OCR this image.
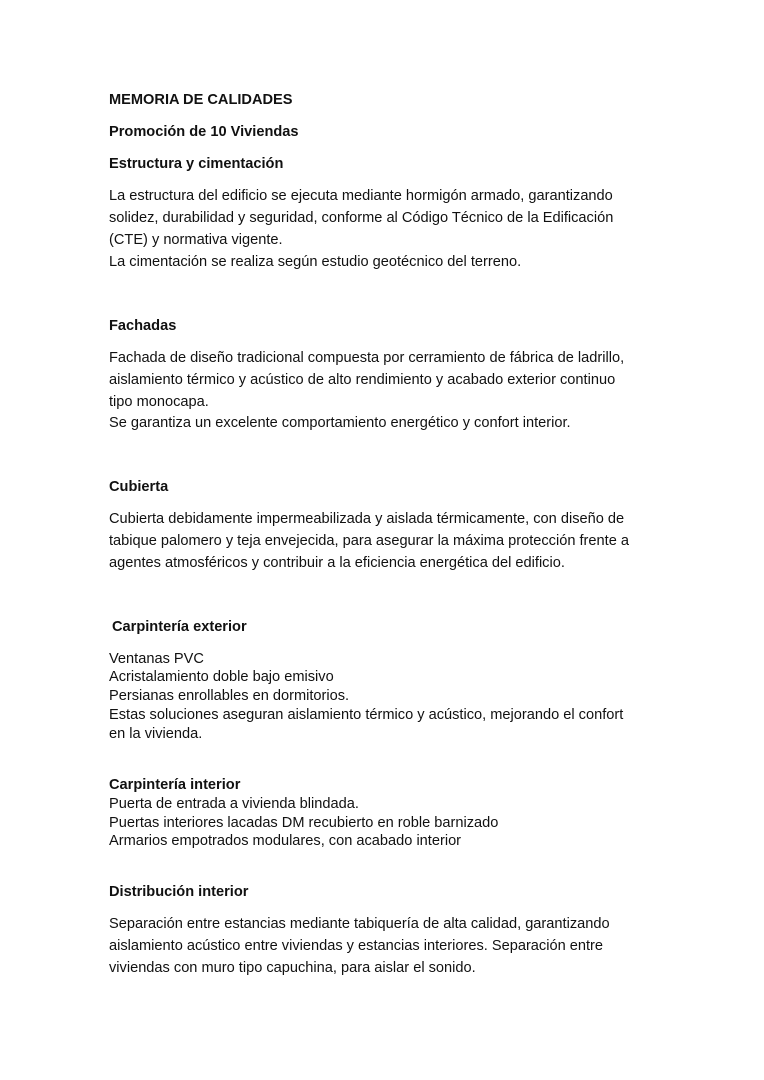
MEMORIA DE CALIDADES
Promoción de 10 Viviendas
Estructura y cimentación
La estructura del edificio se ejecuta mediante hormigón armado, garantizando
solidez, durabilidad y seguridad, conforme al Código Técnico de la Edificación
(CTE) y normativa vigente.
La cimentación se realiza según estudio geotécnico del terreno.
Fachadas
Fachada de diseño tradicional compuesta por cerramiento de fábrica de ladrillo,
aislamiento térmico y acústico de alto rendimiento y acabado exterior continuo
tipo monocapa.
Se garantiza un excelente comportamiento energético y confort interior.
Cubierta
Cubierta debidamente impermeabilizada y aislada térmicamente, con diseño de
tabique palomero y teja envejecida, para asegurar la máxima protección frente a
agentes atmosféricos y contribuir a la eficiencia energética del edificio.
Carpintería exterior
Ventanas PVC
Acristalamiento doble bajo emisivo
Persianas enrollables en dormitorios.
Estas soluciones aseguran aislamiento térmico y acústico, mejorando el confort
en la vivienda.
Carpintería interior
Puerta de entrada a vivienda blindada.
Puertas interiores lacadas DM recubierto en roble barnizado
Armarios empotrados modulares, con acabado interior
Distribución interior
Separación entre estancias mediante tabiquería de alta calidad, garantizando
aislamiento acústico entre viviendas y estancias interiores. Separación entre
viviendas con muro tipo capuchina, para aislar el sonido.
